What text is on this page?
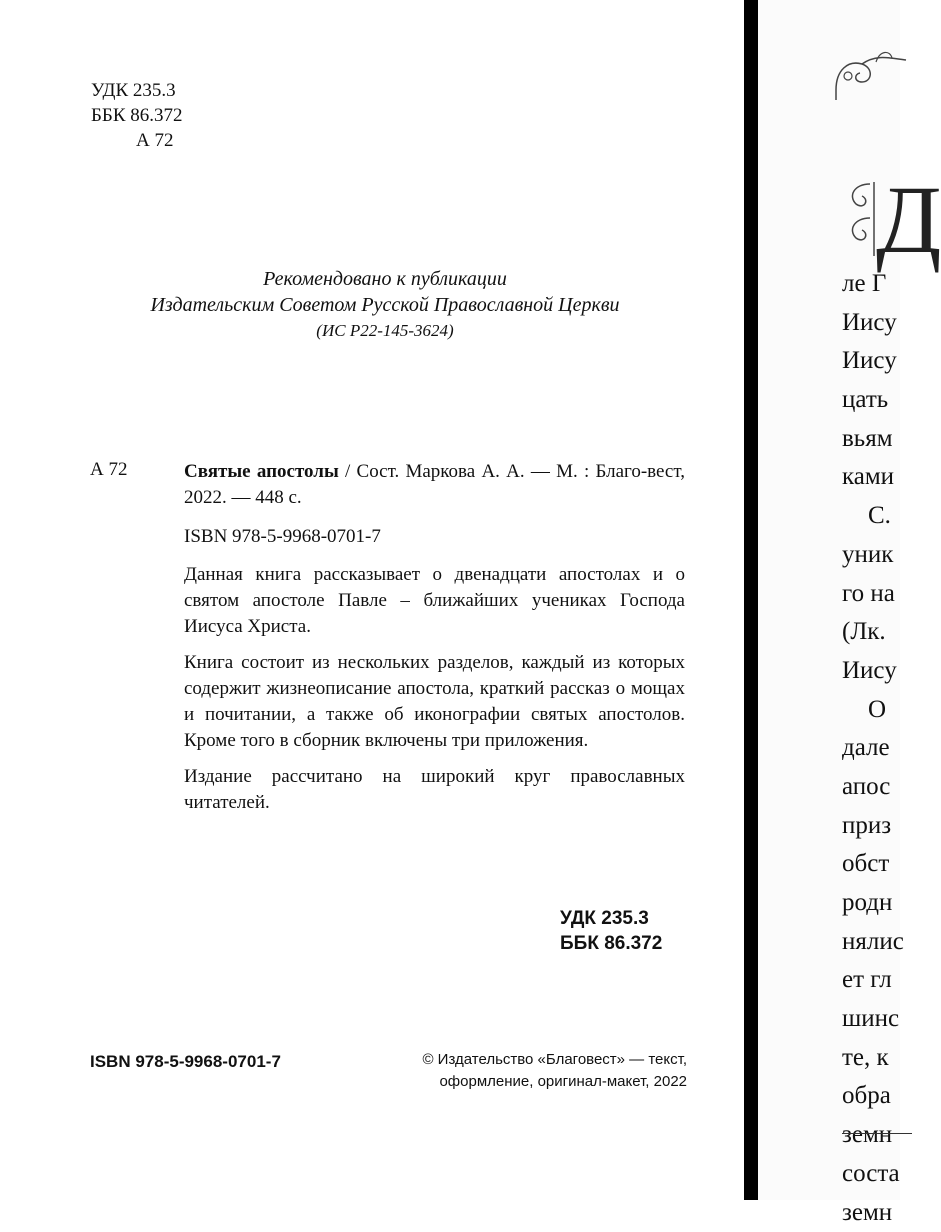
УДК 235.3
ББК 86.372
А 72
Рекомендовано к публикации
Издательским Советом Русской Православной Церкви
(ИС Р22-145-3624)
А 72	Святые апостолы / Сост. Маркова А. А. — М. : Благо-вест, 2022. — 448 с.
ISBN 978-5-9968-0701-7

Данная книга рассказывает о двенадцати апостолах и о святом апостоле Павле – ближайших учениках Господа Иисуса Христа.

Книга состоит из нескольких разделов, каждый из которых содержит жизнеописание апостола, краткий рассказ о мощах и почитании, а также об иконографии святых апостолов. Кроме того в сборник включены три приложения.

Издание рассчитано на широкий круг православных читателей.

УДК 235.3
ББК 86.372
ISBN 978-5-9968-0701-7	© Издательство «Благовест» — текст,
оформление, оригинал-макет, 2022
Д
ле Г
Иису
Иису
цать
вьям
ками
С.
уник
го на
(Лк.
Иису
О
дале
апос
приз
обст
родн
нялис
ет гл
шинс
те, к
обра
земн
соста
земн
